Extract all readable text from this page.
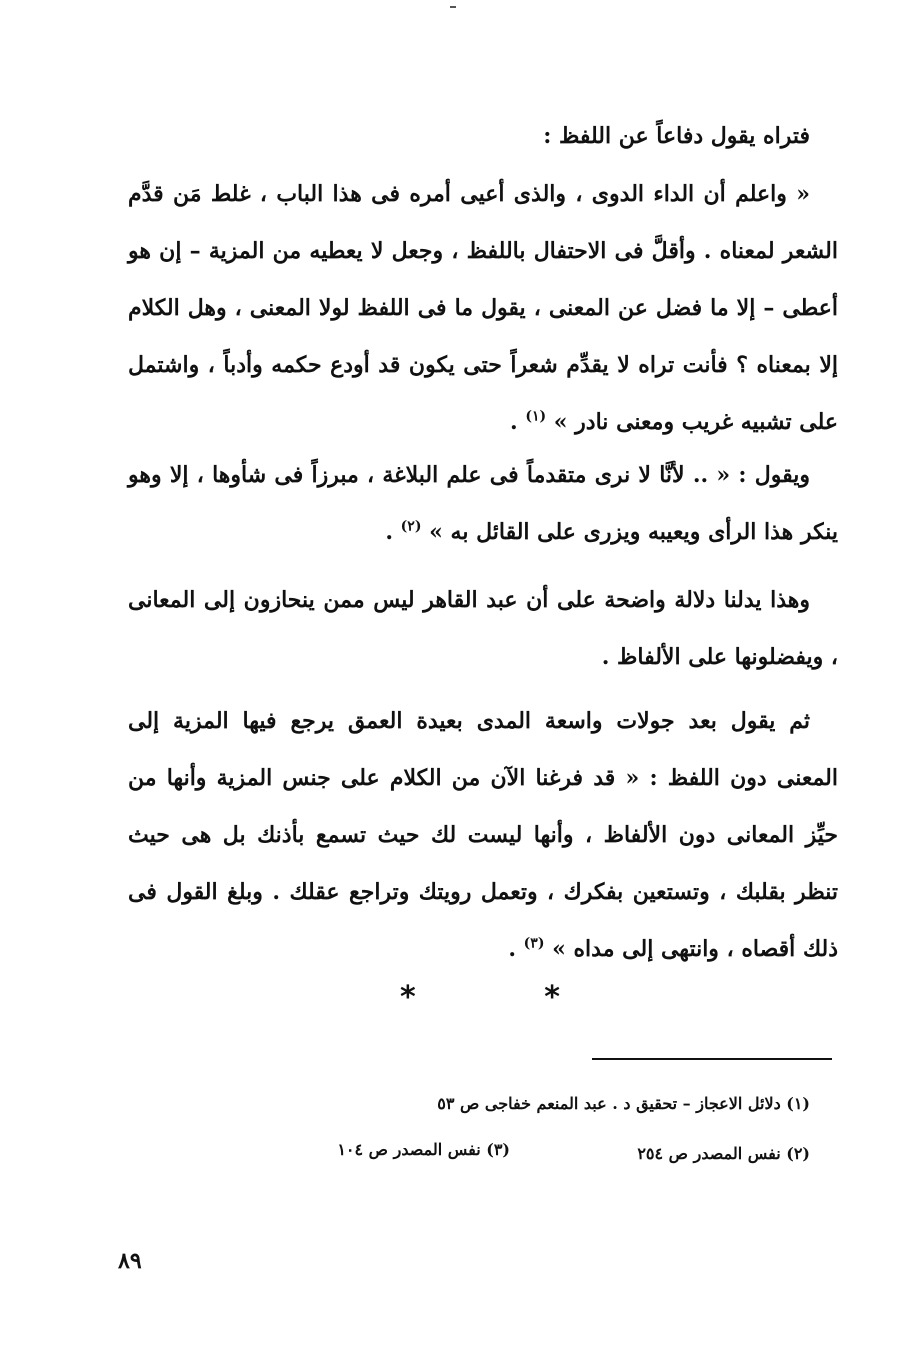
فتراه يقول دفاعاً عن اللفظ :

« واعلم أن الداء الدوى ، والذى أعيى أمره فى هذا الباب ، غلط مَن قدَّم الشعر لمعناه . وأقلَّ فى الاحتفال باللفظ ، وجعل لا يعطيه من المزية – إن هو أعطى – إلا ما فضل عن المعنى ، يقول ما فى اللفظ لولا المعنى ، وهل الكلام إلا بمعناه ؟ فأنت تراه لا يقدِّم شعراً حتى يكون قد أودع حكمه وأدباً ، واشتمل على تشبيه غريب ومعنى نادر » $^{(١)}$ .

ويقول : « .. لأنَّا لا نرى متقدماً فى علم البلاغة ، مبرزاً فى شأوها ، إلا وهو ينكر هذا الرأى ويعيبه ويزرى على القائل به » $^{(٢)}$ .

وهذا يدلنا دلالة واضحة على أن عبد القاهر ليس ممن ينحازون إلى المعانى ، ويفضلونها على الألفاظ .

ثم يقول بعد جولات واسعة المدى بعيدة العمق يرجع فيها المزية إلى المعنى دون اللفظ : « قد فرغنا الآن من الكلام على جنس المزية وأنها من حيِّز المعانى دون الألفاظ ، وأنها ليست لك حيث تسمع بأذنك بل هى حيث تنظر بقلبك ، وتستعين بفكرك ، وتعمل رويتك وتراجع عقلك . وبلغ القول فى ذلك أقصاه ، وانتهى إلى مداه » $^{(٣)}$ .

*	*

(١) دلائل الاعجاز – تحقيق د . عبد المنعم خفاجى ص ٥٣

(٢) نفس المصدر ص ٢٥٤

(٣) نفس المصدر ص ١٠٤

٨٩
